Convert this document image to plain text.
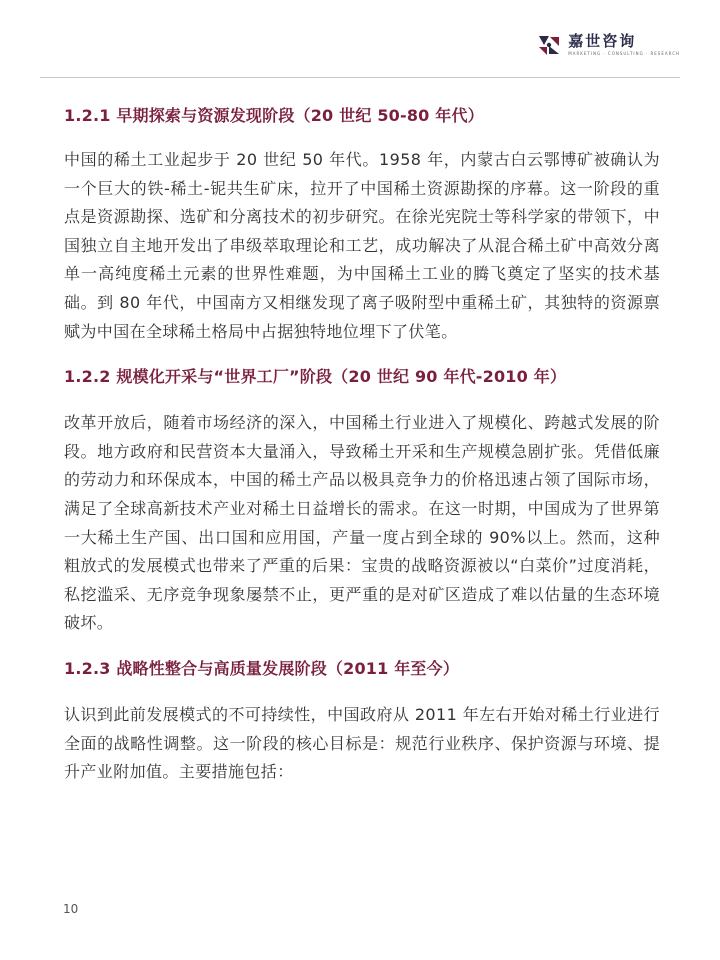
嘉世咨询
MARKETING · CONSULTING · RESEARCH
1.2.1 早期探索与资源发现阶段（20 世纪 50-80 年代）

中国的稀土工业起步于 20 世纪 50 年代。1958 年，内蒙古白云鄂博矿被确认为一个巨大的铁-稀土-铌共生矿床，拉开了中国稀土资源勘探的序幕。这一阶段的重点是资源勘探、选矿和分离技术的初步研究。在徐光宪院士等科学家的带领下，中国独立自主地开发出了串级萃取理论和工艺，成功解决了从混合稀土矿中高效分离单一高纯度稀土元素的世界性难题，为中国稀土工业的腾飞奠定了坚实的技术基础。到 80 年代，中国南方又相继发现了离子吸附型中重稀土矿，其独特的资源禀赋为中国在全球稀土格局中占据独特地位埋下了伏笔。

1.2.2 规模化开采与“世界工厂”阶段（20 世纪 90 年代-2010 年）

改革开放后，随着市场经济的深入，中国稀土行业进入了规模化、跨越式发展的阶段。地方政府和民营资本大量涌入，导致稀土开采和生产规模急剧扩张。凭借低廉的劳动力和环保成本，中国的稀土产品以极具竞争力的价格迅速占领了国际市场，满足了全球高新技术产业对稀土日益增长的需求。在这一时期，中国成为了世界第一大稀土生产国、出口国和应用国，产量一度占到全球的 90%以上。然而，这种粗放式的发展模式也带来了严重的后果：宝贵的战略资源被以“白菜价”过度消耗，私挖滥采、无序竞争现象屡禁不止，更严重的是对矿区造成了难以估量的生态环境破坏。

1.2.3 战略性整合与高质量发展阶段（2011 年至今）

认识到此前发展模式的不可持续性，中国政府从 2011 年左右开始对稀土行业进行全面的战略性调整。这一阶段的核心目标是：规范行业秩序、保护资源与环境、提升产业附加值。主要措施包括：

10
